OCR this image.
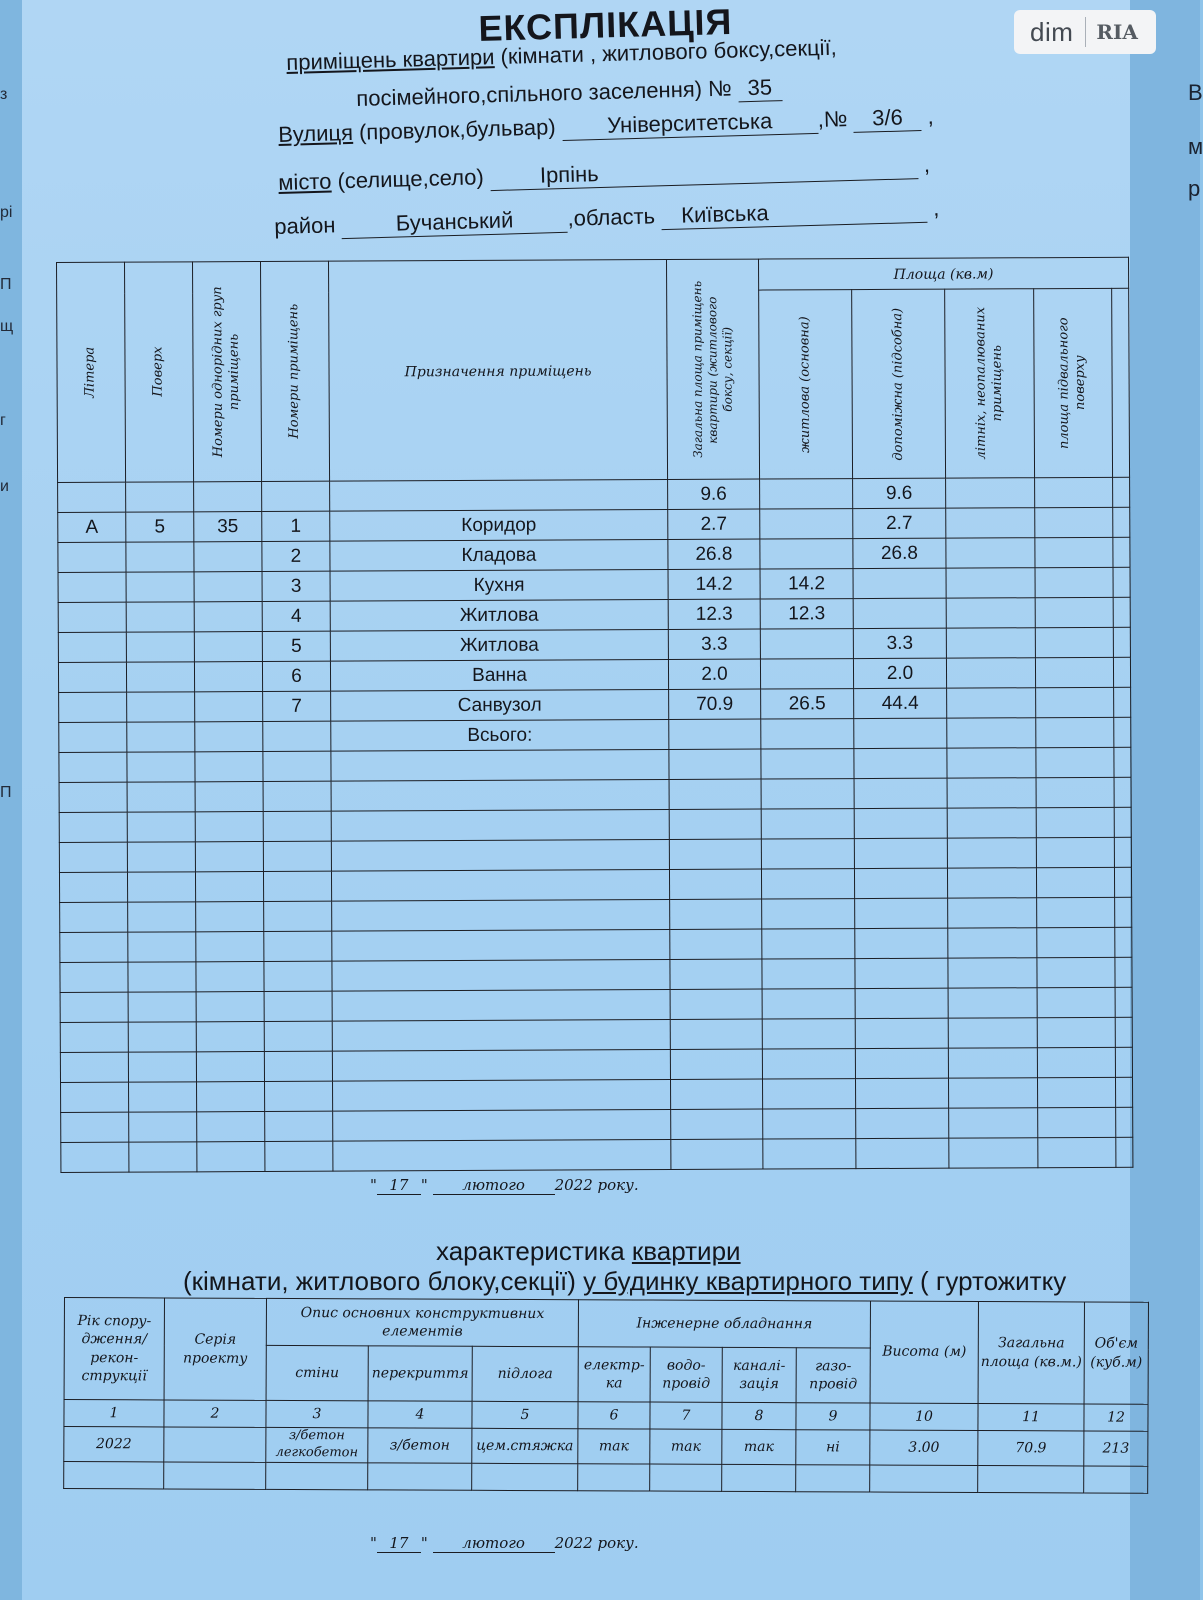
з
рі
П
щ
г
и
П
В
м
р
dim	RIA
ЕКСПЛІКАЦІЯ
приміщень квартири (кімнати , житлового боксу,секції,
посімейного,спільного заселення) № 35
Вулиця (провулок,бульвар) Університетська ,№ 3/6 ,
місто (селище,село)	Ірпінь	,
район	Бучанський ,область Київська	,
Літера	Поверх	Номери однорідних груп приміщень	Номери приміщень	Призначення приміщень	Загальна площа приміщень квартири (житлового боксу, секції)	Площа (кв.м)				

						житлова (основна)	допоміжна (підсобна)	літніх, неопалюваних приміщень	площа підвального поверху	

					9.6		9.6			
А	5	35	1	Коридор	2.7		2.7			
			2	Кладова	26.8		26.8			
			3	Кухня	14.2	14.2				
			4	Житлова	12.3	12.3				
			5	Житлова	3.3		3.3			
			6	Ванна	2.0		2.0			
			7	Санвузол	70.9	26.5	44.4			
				Всього:						

" 17 " лютого 2022 року.
характеристика квартири
(кімнати, житлового блоку,секції) у будинку квартирного типу ( гуртожитку
Рік спору-дження/рекон-струкції	Серія проекту	Опис основних конструктивних елементів			Інженерне обладнання				Висота (м)	Загальна площа (кв.м.)	Об'єм (куб.м)
		стіни	перекриття	підлога	електр-ка	водо-провід	каналі-зація	газо-провід			
1	2	3	4	5	6	7	8	9	10	11	12
2022		з/бетон легкобетон	з/бетон	цем.стяжка	так	так	так	ні	3.00	70.9	213

" 17 " лютого 2022 року.
